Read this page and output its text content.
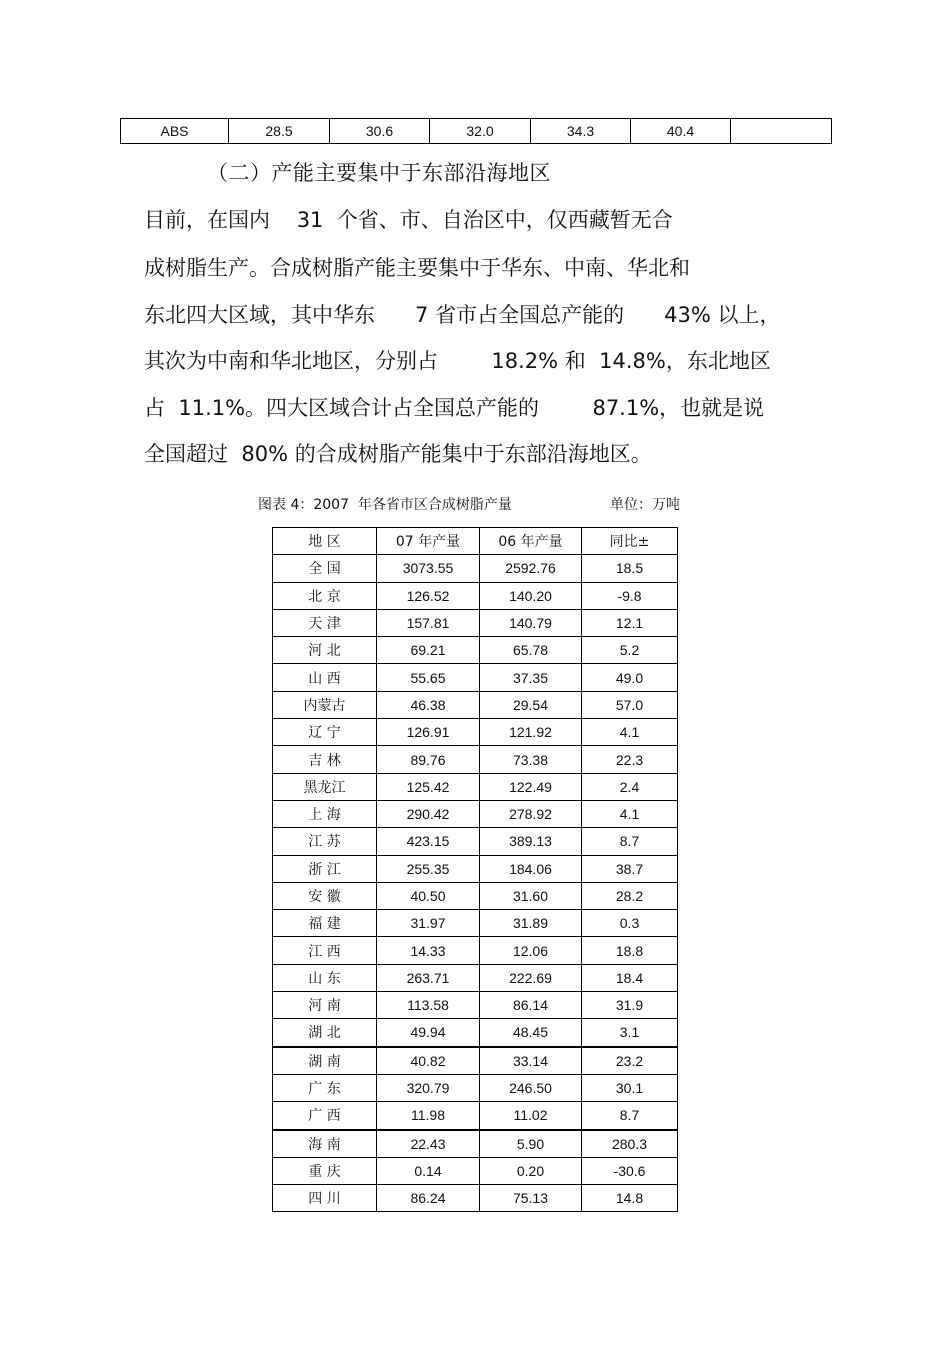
ABS	28.5	30.6	32.0	34.3	40.4	
（二）产能主要集中于东部沿海地区
目前，在国内    31  个省、市、自治区中，仅西藏暂无合
成树脂生产。合成树脂产能主要集中于华东、中南、华北和
东北四大区域，其中华东      7 省市占全国总产能的      43% 以上，
其次为中南和华北地区，分别占        18.2% 和  14.8%，东北地区
占  11.1%。四大区域合计占全国总产能的        87.1%，也就是说
全国超过  80% 的合成树脂产能集中于东部沿海地区。
图表 4：2007  年各省市区合成树脂产量	单位：万吨
地 区	07 年产量	06 年产量	同比±
全 国	3073.55	2592.76	18.5
北 京	126.52	140.20	-9.8
天 津	157.81	140.79	12.1
河 北	69.21	65.78	5.2
山 西	55.65	37.35	49.0
内蒙古	46.38	29.54	57.0
辽 宁	126.91	121.92	4.1
吉 林	89.76	73.38	22.3
黑龙江	125.42	122.49	2.4
上 海	290.42	278.92	4.1
江 苏	423.15	389.13	8.7
浙 江	255.35	184.06	38.7
安 徽	40.50	31.60	28.2
福 建	31.97	31.89	0.3
江 西	14.33	12.06	18.8
山 东	263.71	222.69	18.4
河 南	113.58	86.14	31.9
湖 北	49.94	48.45	3.1
湖 南	40.82	33.14	23.2
广 东	320.79	246.50	30.1
广 西	11.98	11.02	8.7
海 南	22.43	5.90	280.3
重 庆	0.14	0.20	-30.6
四 川	86.24	75.13	14.8
